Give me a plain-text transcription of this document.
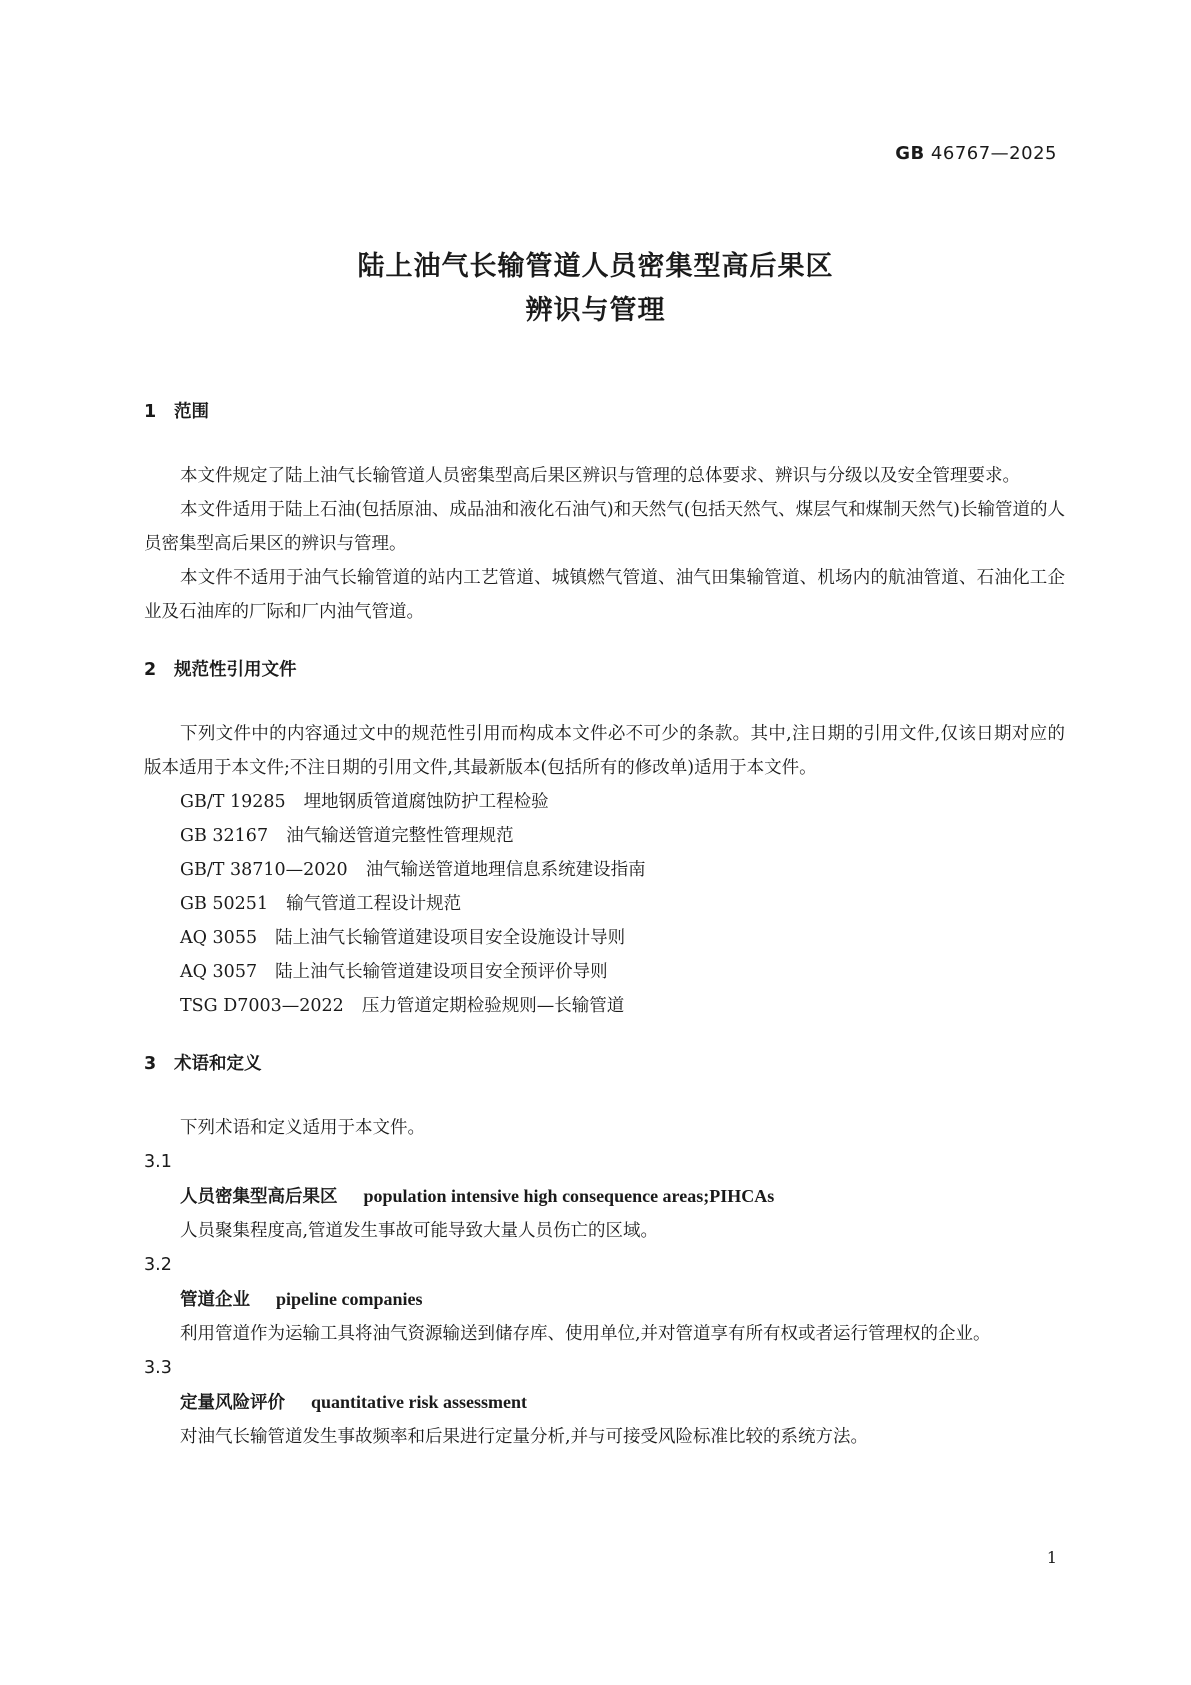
GB 46767—2025
陆上油气长输管道人员密集型高后果区
辨识与管理
1 范围
本文件规定了陆上油气长输管道人员密集型高后果区辨识与管理的总体要求、辨识与分级以及安全管理要求。
本文件适用于陆上石油(包括原油、成品油和液化石油气)和天然气(包括天然气、煤层气和煤制天然气)长输管道的人员密集型高后果区的辨识与管理。
本文件不适用于油气长输管道的站内工艺管道、城镇燃气管道、油气田集输管道、机场内的航油管道、石油化工企业及石油库的厂际和厂内油气管道。
2 规范性引用文件
下列文件中的内容通过文中的规范性引用而构成本文件必不可少的条款。其中,注日期的引用文件,仅该日期对应的版本适用于本文件;不注日期的引用文件,其最新版本(包括所有的修改单)适用于本文件。
GB/T 19285 埋地钢质管道腐蚀防护工程检验
GB 32167 油气输送管道完整性管理规范
GB/T 38710—2020 油气输送管道地理信息系统建设指南
GB 50251 输气管道工程设计规范
AQ 3055 陆上油气长输管道建设项目安全设施设计导则
AQ 3057 陆上油气长输管道建设项目安全预评价导则
TSG D7003—2022 压力管道定期检验规则—长输管道
3 术语和定义
下列术语和定义适用于本文件。
3.1
人员密集型高后果区 population intensive high consequence areas;PIHCAs
人员聚集程度高,管道发生事故可能导致大量人员伤亡的区域。
3.2
管道企业 pipeline companies
利用管道作为运输工具将油气资源输送到储存库、使用单位,并对管道享有所有权或者运行管理权的企业。
3.3
定量风险评价 quantitative risk assessment
对油气长输管道发生事故频率和后果进行定量分析,并与可接受风险标准比较的系统方法。
1
